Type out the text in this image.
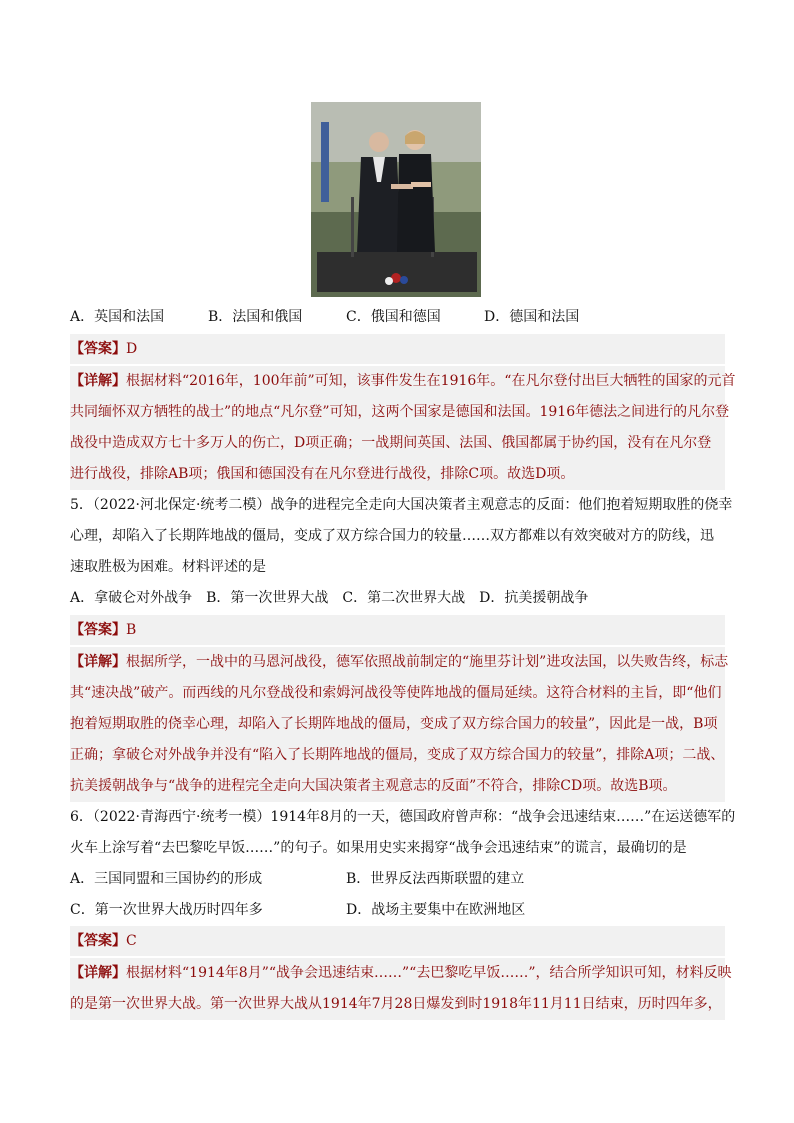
A．英国和法国	B．法国和俄国	C．俄国和德国	D．德国和法国
【答案】D
【详解】根据材料“2016年，100年前”可知，该事件发生在1916年。“在凡尔登付出巨大牺牲的国家的元首
共同缅怀双方牺牲的战士”的地点“凡尔登”可知，这两个国家是德国和法国。1916年德法之间进行的凡尔登
战役中造成双方七十多万人的伤亡，D项正确；一战期间英国、法国、俄国都属于协约国，没有在凡尔登
进行战役，排除AB项；俄国和德国没有在凡尔登进行战役，排除C项。故选D项。
5．（2022·河北保定·统考二模）战争的进程完全走向大国决策者主观意志的反面：他们抱着短期取胜的侥幸
心理，却陷入了长期阵地战的僵局，变成了双方综合国力的较量……双方都难以有效突破对方的防线，迅
速取胜极为困难。材料评述的是
A．拿破仑对外战争　B．第一次世界大战　C．第二次世界大战　D．抗美援朝战争
【答案】B
【详解】根据所学，一战中的马恩河战役，德军依照战前制定的“施里芬计划”进攻法国，以失败告终，标志
其“速决战”破产。而西线的凡尔登战役和索姆河战役等使阵地战的僵局延续。这符合材料的主旨，即“他们
抱着短期取胜的侥幸心理，却陷入了长期阵地战的僵局，变成了双方综合国力的较量”，因此是一战，B项
正确；拿破仑对外战争并没有“陷入了长期阵地战的僵局，变成了双方综合国力的较量”，排除A项；二战、
抗美援朝战争与“战争的进程完全走向大国决策者主观意志的反面”不符合，排除CD项。故选B项。
6．（2022·青海西宁·统考一模）1914年8月的一天，德国政府曾声称：“战争会迅速结束……”在运送德军的
火车上涂写着“去巴黎吃早饭……”的句子。如果用史实来揭穿“战争会迅速结束”的谎言，最确切的是
A．三国同盟和三国协约的形成	B．世界反法西斯联盟的建立
C．第一次世界大战历时四年多	D．战场主要集中在欧洲地区
【答案】C
【详解】根据材料“1914年8月”“战争会迅速结束……”“去巴黎吃早饭……”，结合所学知识可知，材料反映
的是第一次世界大战。第一次世界大战从1914年7月28日爆发到时1918年11月11日结束，历时四年多，
